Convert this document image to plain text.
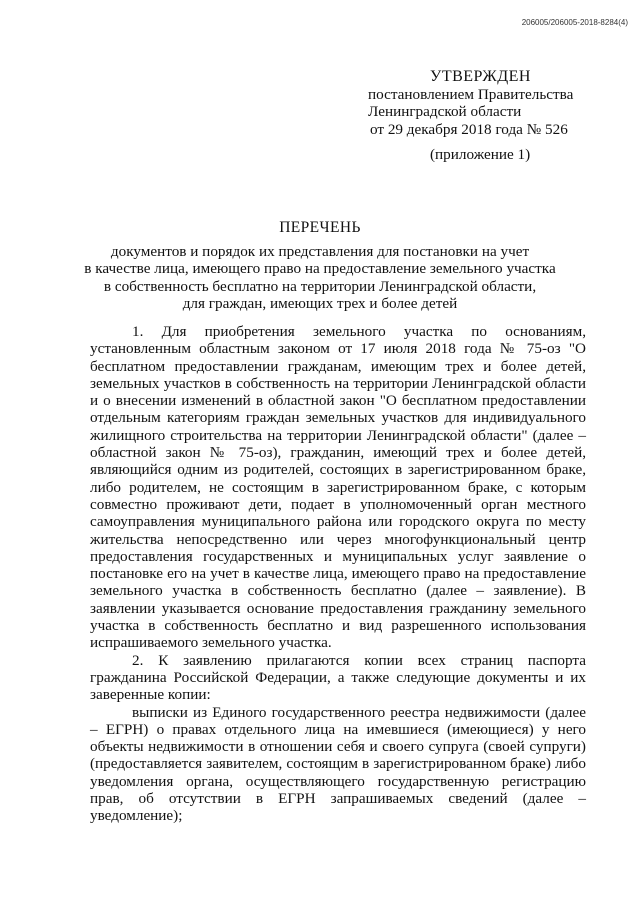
206005/206005-2018-8284(4)
УТВЕРЖДЕН
постановлением Правительства
Ленинградской области
от 29 декабря 2018 года № 526
(приложение 1)
ПЕРЕЧЕНЬ
документов и порядок их представления для постановки на учет
в качестве лица, имеющего право на предоставление земельного участка
в собственность бесплатно на территории Ленинградской области,
для граждан, имеющих трех и более детей

1. Для приобретения земельного участка по основаниям, установленным областным законом от 17 июля 2018 года № 75-оз "О бесплатном предоставлении гражданам, имеющим трех и более детей, земельных участков в собственность на территории Ленинградской области и о внесении изменений в областной закон "О бесплатном предоставлении отдельным категориям граждан земельных участков для индивидуального жилищного строительства на территории Ленинградской области" (далее – областной закон № 75-оз), гражданин, имеющий трех и более детей, являющийся одним из родителей, состоящих в зарегистрированном браке, либо родителем, не состоящим в зарегистрированном браке, с которым совместно проживают дети, подает в уполномоченный орган местного самоуправления муниципального района или городского округа по месту жительства непосредственно или через многофункциональный центр предоставления государственных и муниципальных услуг заявление о постановке его на учет в качестве лица, имеющего право на предоставление земельного участка в собственность бесплатно (далее – заявление). В заявлении указывается основание предоставления гражданину земельного участка в собственность бесплатно и вид разрешенного использования испрашиваемого земельного участка.

2. К заявлению прилагаются копии всех страниц паспорта гражданина Российской Федерации, а также следующие документы и их заверенные копии:

выписки из Единого государственного реестра недвижимости (далее – ЕГРН) о правах отдельного лица на имевшиеся (имеющиеся) у него объекты недвижимости в отношении себя и своего супруга (своей супруги) (предоставляется заявителем, состоящим в зарегистрированном браке) либо уведомления органа, осуществляющего государственную регистрацию прав, об отсутствии в ЕГРН запрашиваемых сведений (далее – уведомление);
